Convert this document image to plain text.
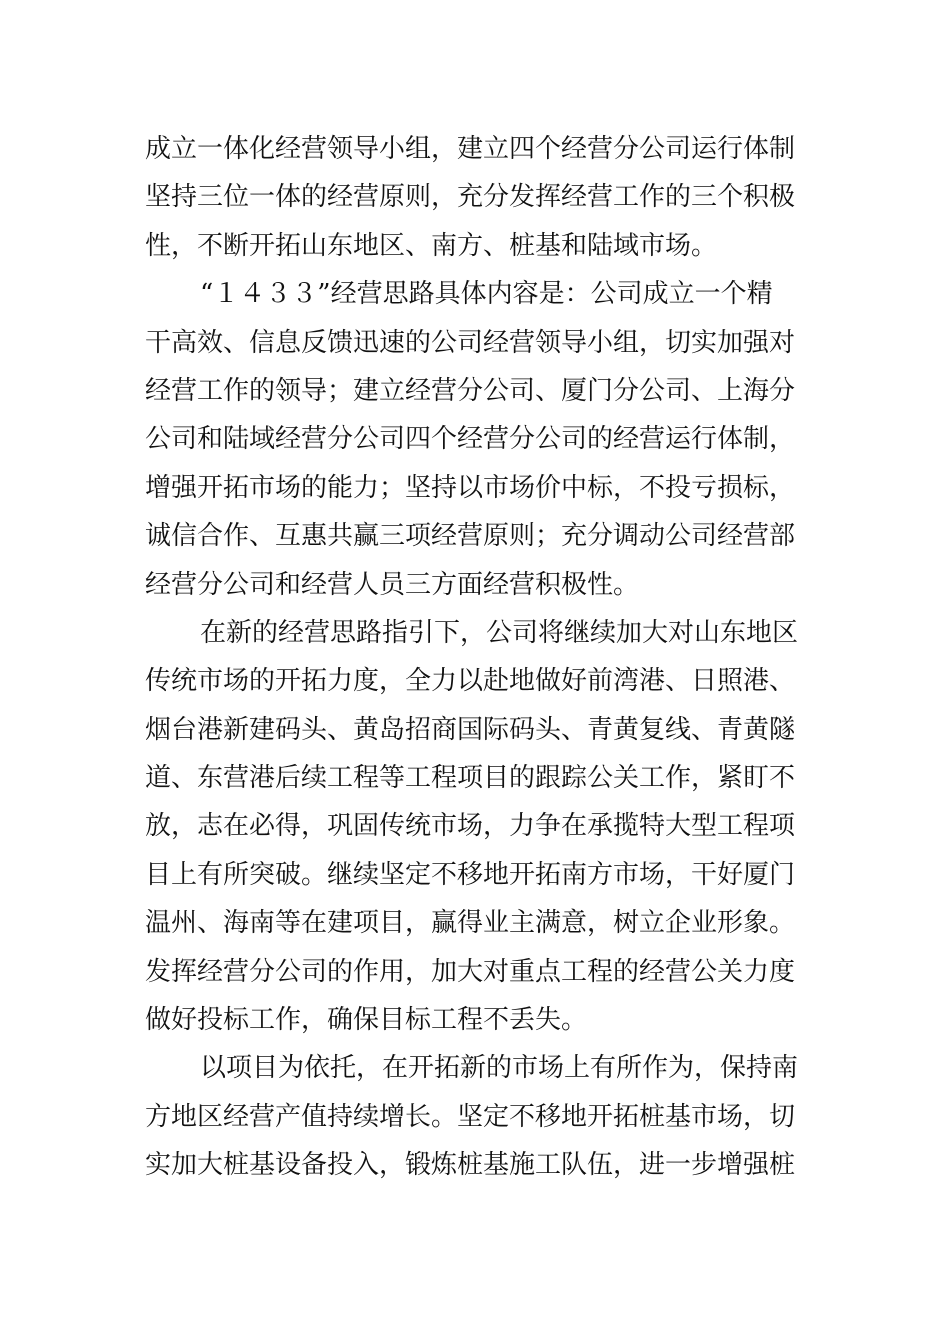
成立一体化经营领导小组，建立四个经营分公司运行体制
坚持三位一体的经营原则，充分发挥经营工作的三个积极
性，不断开拓山东地区、南方、桩基和陆域市场。
“１４３３”经营思路具体内容是：公司成立一个精
干高效、信息反馈迅速的公司经营领导小组，切实加强对
经营工作的领导；建立经营分公司、厦门分公司、上海分
公司和陆域经营分公司四个经营分公司的经营运行体制，
增强开拓市场的能力；坚持以市场价中标，不投亏损标，
诚信合作、互惠共赢三项经营原则；充分调动公司经营部
经营分公司和经营人员三方面经营积极性。
在新的经营思路指引下，公司将继续加大对山东地区
传统市场的开拓力度，全力以赴地做好前湾港、日照港、
烟台港新建码头、黄岛招商国际码头、青黄复线、青黄隧
道、东营港后续工程等工程项目的跟踪公关工作，紧盯不
放，志在必得，巩固传统市场，力争在承揽特大型工程项
目上有所突破。继续坚定不移地开拓南方市场，干好厦门
温州、海南等在建项目，赢得业主满意，树立企业形象。
发挥经营分公司的作用，加大对重点工程的经营公关力度
做好投标工作，确保目标工程不丢失。
以项目为依托，在开拓新的市场上有所作为，保持南
方地区经营产值持续增长。坚定不移地开拓桩基市场，切
实加大桩基设备投入，锻炼桩基施工队伍，进一步增强桩
